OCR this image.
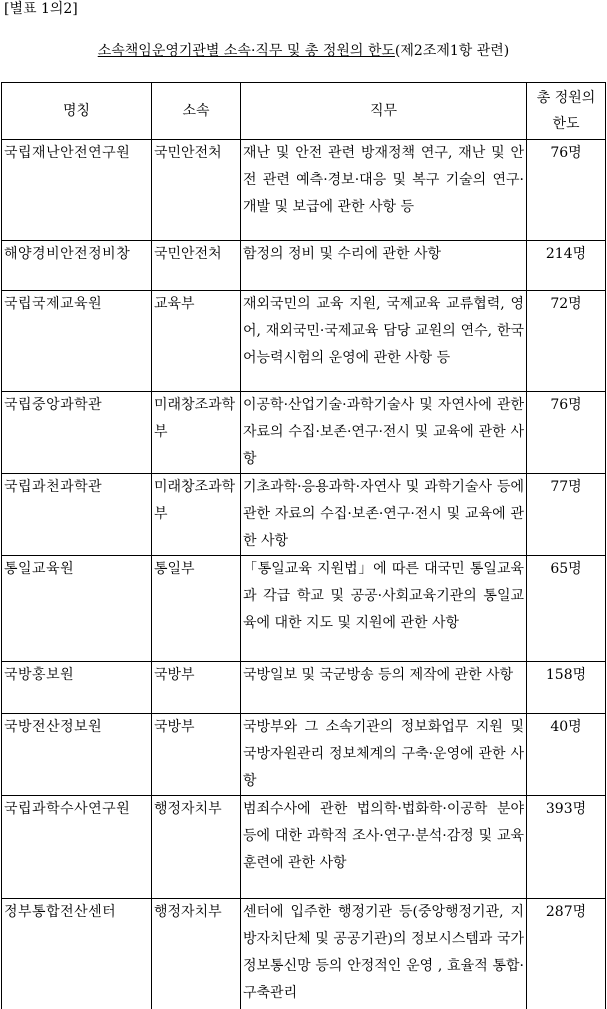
[별표 1의2]
소속책임운영기관별 소속·직무 및 총 정원의 한도(제2조제1항 관련)
명칭	소속	직무	총 정원의 한도
국립재난안전연구원	국민안전처	재난 및 안전 관련 방재정책 연구, 재난 및 안전 관련 예측·경보·대응 및 복구 기술의 연구·개발 및 보급에 관한 사항 등	76명
해양경비안전정비창	국민안전처	함정의 정비 및 수리에 관한 사항	214명
국립국제교육원	교육부	재외국민의 교육 지원, 국제교육 교류협력, 영어, 재외국민·국제교육 담당 교원의 연수, 한국어능력시험의 운영에 관한 사항 등	72명
국립중앙과학관	미래창조과학부	이공학·산업기술·과학기술사 및 자연사에 관한 자료의 수집·보존·연구·전시 및 교육에 관한 사항	76명
국립과천과학관	미래창조과학부	기초과학·응용과학·자연사 및 과학기술사 등에 관한 자료의 수집·보존·연구·전시 및 교육에 관한 사항	77명
통일교육원	통일부	「통일교육 지원법」에 따른 대국민 통일교육과 각급 학교 및 공공·사회교육기관의 통일교육에 대한 지도 및 지원에 관한 사항	65명
국방홍보원	국방부	국방일보 및 국군방송 등의 제작에 관한 사항	158명
국방전산정보원	국방부	국방부와 그 소속기관의 정보화업무 지원 및 국방자원관리 정보체계의 구축·운영에 관한 사항	40명
국립과학수사연구원	행정자치부	범죄수사에 관한 법의학·법화학·이공학 분야 등에 대한 과학적 조사·연구·분석·감정 및 교육훈련에 관한 사항	393명
정부통합전산센터	행정자치부	센터에 입주한 행정기관 등(중앙행정기관, 지방자치단체 및 공공기관)의 정보시스템과 국가정보통신망 등의 안정적인 운영 , 효율적 통합·구축관리	287명
